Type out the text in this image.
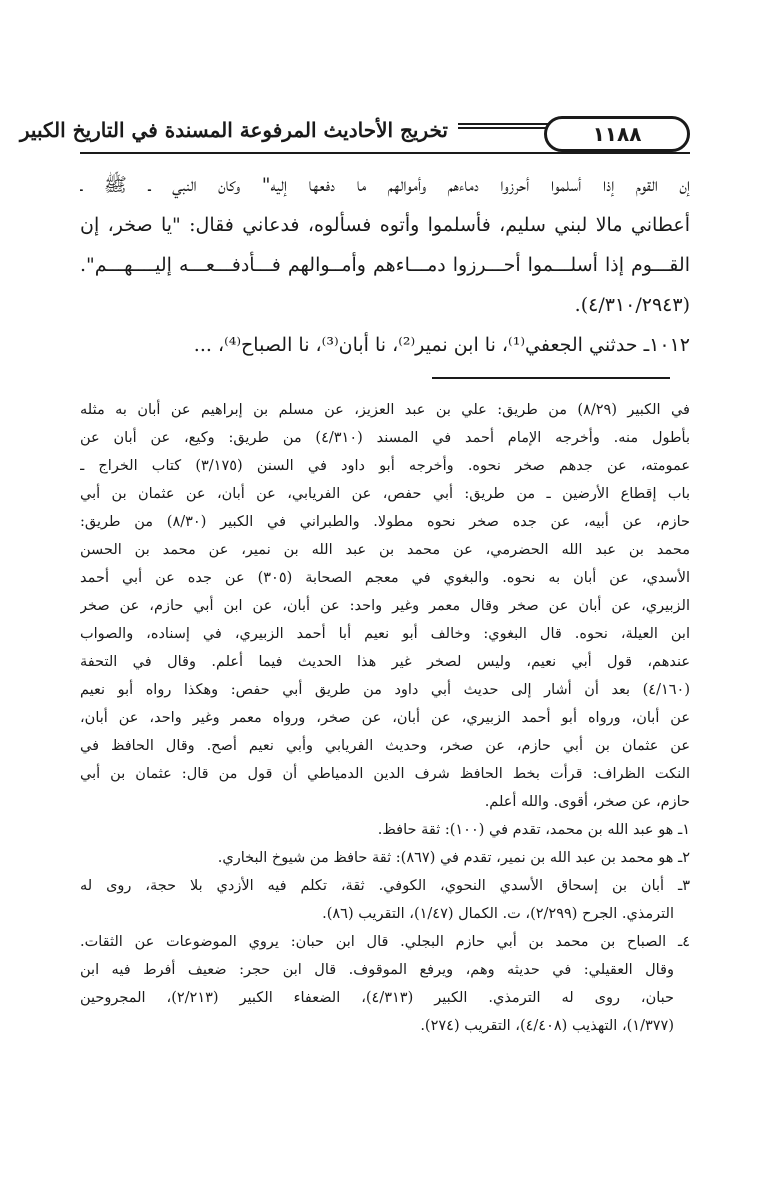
١١٨٨
تخريج الأحاديث المرفوعة المسندة في التاريخ الكبير
إن القوم إذا أسلموا أحرزوا دماءهم وأموالهم ما دفعها إليه" وكان النبي ـ ﷺ ـ
أعطاني مالا لبني سليم، فأسلموا وأتوه فسألوه، فدعاني فقال: "يا صخر، إن
القـــوم إذا أسلـــموا أحـــرزوا دمـــاءهم وأمــوالهم فـــأدفـــعـــه إليــــهـــم".
(٤/٣١٠/٢٩٤٣).
١٠١٢ـ حدثني الجعفي⁽¹⁾، نا ابن نمير⁽²⁾، نا أبان⁽³⁾، نا الصباح⁽⁴⁾، ...
في الكبير (٨/٢٩) من طريق: علي بن عبد العزيز، عن مسلم بن إبراهيم عن أبان به مثله
بأطول منه. وأخرجه الإمام أحمد في المسند (٤/٣١٠) من طريق: وكيع، عن أبان عن
عمومته، عن جدهم صخر نحوه. وأخرجه أبو داود في السنن (٣/١٧٥) كتاب الخراج ـ
باب إقطاع الأرضين ـ من طريق: أبي حفص، عن الفريابي، عن أبان، عن عثمان بن أبي
حازم، عن أبيه، عن جده صخر نحوه مطولا. والطبراني في الكبير (٨/٣٠) من طريق:
محمد بن عبد الله الحضرمي، عن محمد بن عبد الله بن نمير، عن محمد بن الحسن
الأسدي، عن أبان به نحوه. والبغوي في معجم الصحابة (٣٠٥) عن جده عن أبي أحمد
الزبيري، عن أبان عن صخر وقال معمر وغير واحد: عن أبان، عن ابن أبي حازم، عن صخر
ابن العيلة، نحوه. قال البغوي: وخالف أبو نعيم أبا أحمد الزبيري، في إسناده، والصواب
عندهم، قول أبي نعيم، وليس لصخر غير هذا الحديث فيما أعلم. وقال في التحفة
(٤/١٦٠) بعد أن أشار إلى حديث أبي داود من طريق أبي حفص: وهكذا رواه أبو نعيم
عن أبان، ورواه أبو أحمد الزبيري، عن أبان، عن صخر، ورواه معمر وغير واحد، عن أبان،
عن عثمان بن أبي حازم، عن صخر، وحديث الفريابي وأبي نعيم أصح. وقال الحافظ في
النكت الظراف: قرأت بخط الحافظ شرف الدين الدمياطي أن قول من قال: عثمان بن أبي
حازم، عن صخر، أقوى. والله أعلم.
١ـ هو عبد الله بن محمد، تقدم في (١٠٠): ثقة حافظ.
٢ـ هو محمد بن عبد الله بن نمير، تقدم في (٨٦٧): ثقة حافظ من شيوخ البخاري.
٣ـ أبان بن إسحاق الأسدي النحوي، الكوفي. ثقة، تكلم فيه الأزدي بلا حجة، روى له
الترمذي. الجرح (٢/٢٩٩)، ت. الكمال (١/٤٧)، التقريب (٨٦).
٤ـ الصباح بن محمد بن أبي حازم البجلي. قال ابن حبان: يروي الموضوعات عن الثقات.
وقال العقيلي: في حديثه وهم، ويرفع الموقوف. قال ابن حجر: ضعيف أفرط فيه ابن
حبان، روى له الترمذي. الكبير (٤/٣١٣)، الضعفاء الكبير (٢/٢١٣)، المجروحين
(١/٣٧٧)، التهذيب (٤/٤٠٨)، التقريب (٢٧٤).
